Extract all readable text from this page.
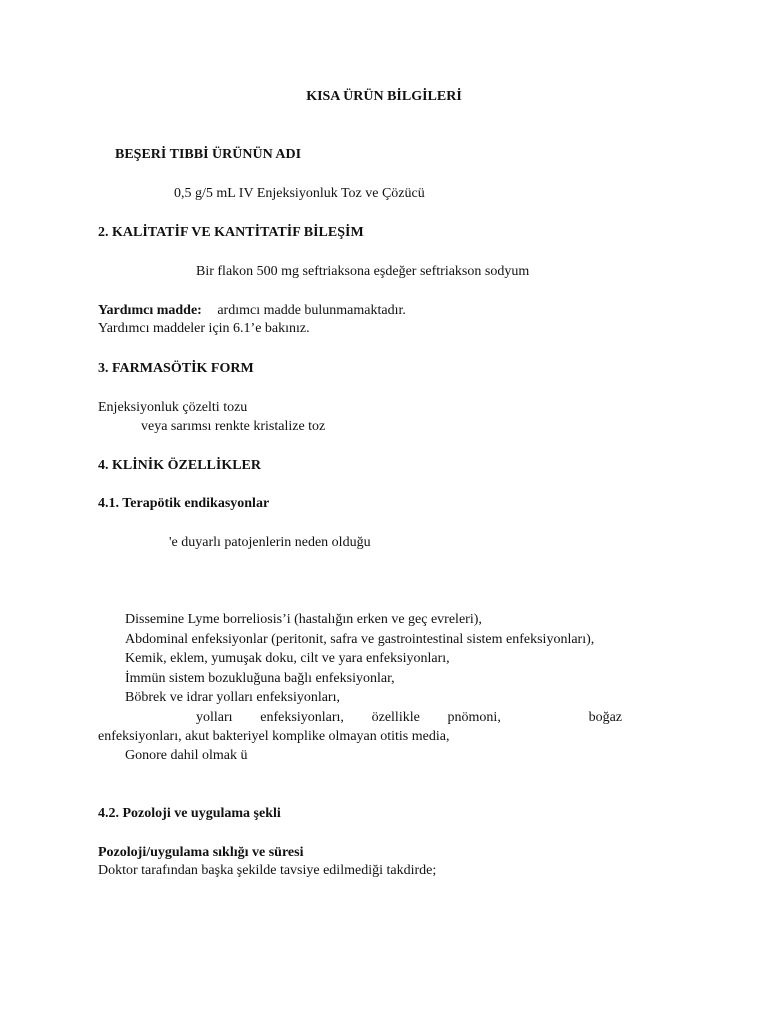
KISA ÜRÜN BİLGİLERİ
BEŞERİ TIBBİ ÜRÜNÜN ADI
0,5 g/5 mL IV Enjeksiyonluk Toz ve Çözücü
2. KALİTATİF VE KANTİTATİF BİLEŞİM
Bir flakon 500 mg seftriaksona eşdeğer seftriakson sodyum
Yardımcı madde: ardımcı madde bulunmamaktadır.
Yardımcı maddeler için 6.1’e bakınız.
3. FARMASÖTİK FORM
Enjeksiyonluk çözelti tozu
veya sarımsı renkte kristalize toz
4. KLİNİK ÖZELLİKLER
4.1. Terapötik endikasyonlar
'e duyarlı patojenlerin neden olduğu
Dissemine Lyme borreliosis’i (hastalığın erken ve geç evreleri),
Abdominal enfeksiyonlar (peritonit, safra ve gastrointestinal sistem enfeksiyonları),
Kemik, eklem, yumuşak doku, cilt ve yara enfeksiyonları,
İmmün sistem bozukluğuna bağlı enfeksiyonlar,
Böbrek ve idrar yolları enfeksiyonları,
yolları enfeksiyonları, özellikle pnömoni,	boğaz
enfeksiyonları, akut bakteriyel komplike olmayan otitis media,
Gonore dahil olmak ü
4.2. Pozoloji ve uygulama şekli
Pozoloji/uygulama sıklığı ve süresi
Doktor tarafından başka şekilde tavsiye edilmediği takdirde;
